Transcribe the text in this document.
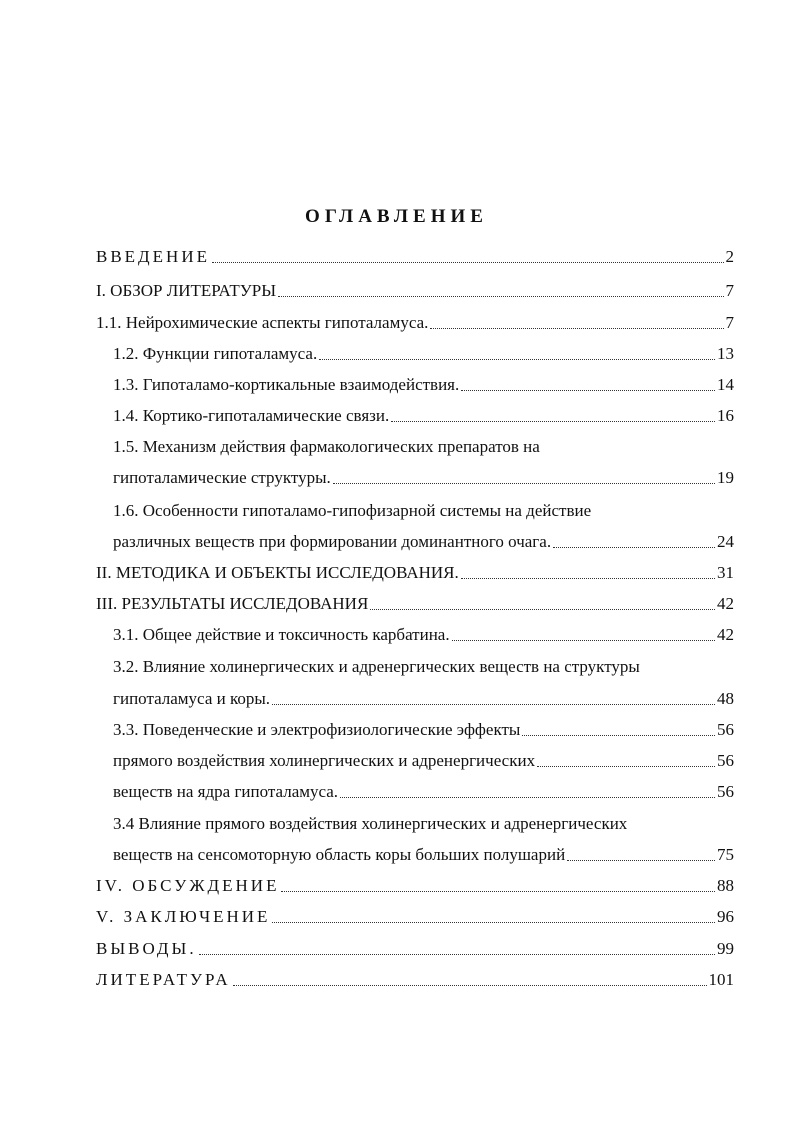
ОГЛАВЛЕНИЕ
ВВЕДЕНИЕ	2
I. ОБЗОР ЛИТЕРАТУРЫ	7
1.1. Нейрохимические аспекты гипоталамуса.	7
1.2. Функции гипоталамуса.	13
1.3. Гипоталамо-кортикальные взаимодействия.	14
1.4. Кортико-гипоталамические связи.	16
1.5. Механизм действия фармакологических препаратов на
гипоталамические структуры.	19
1.6. Особенности гипоталамо-гипофизарной системы на действие
различных веществ при формировании доминантного очага.	24
II. МЕТОДИКА И ОБЪЕКТЫ ИССЛЕДОВАНИЯ.	31
III. РЕЗУЛЬТАТЫ ИССЛЕДОВАНИЯ	42
3.1. Общее действие и токсичность карбатина.	42
3.2. Влияние холинергических и адренергических веществ на структуры
гипоталамуса и коры.	48
3.3. Поведенческие и электрофизиологические эффекты	56
прямого воздействия холинергических и адренергических	56
веществ на ядра гипоталамуса.	56
3.4 Влияние прямого воздействия холинергических и адренергических
веществ на сенсомоторную область коры больших полушарий	75
IV. ОБСУЖДЕНИЕ	88
V. ЗАКЛЮЧЕНИЕ	96
ВЫВОДЫ.	99
ЛИТЕРАТУРА	101
